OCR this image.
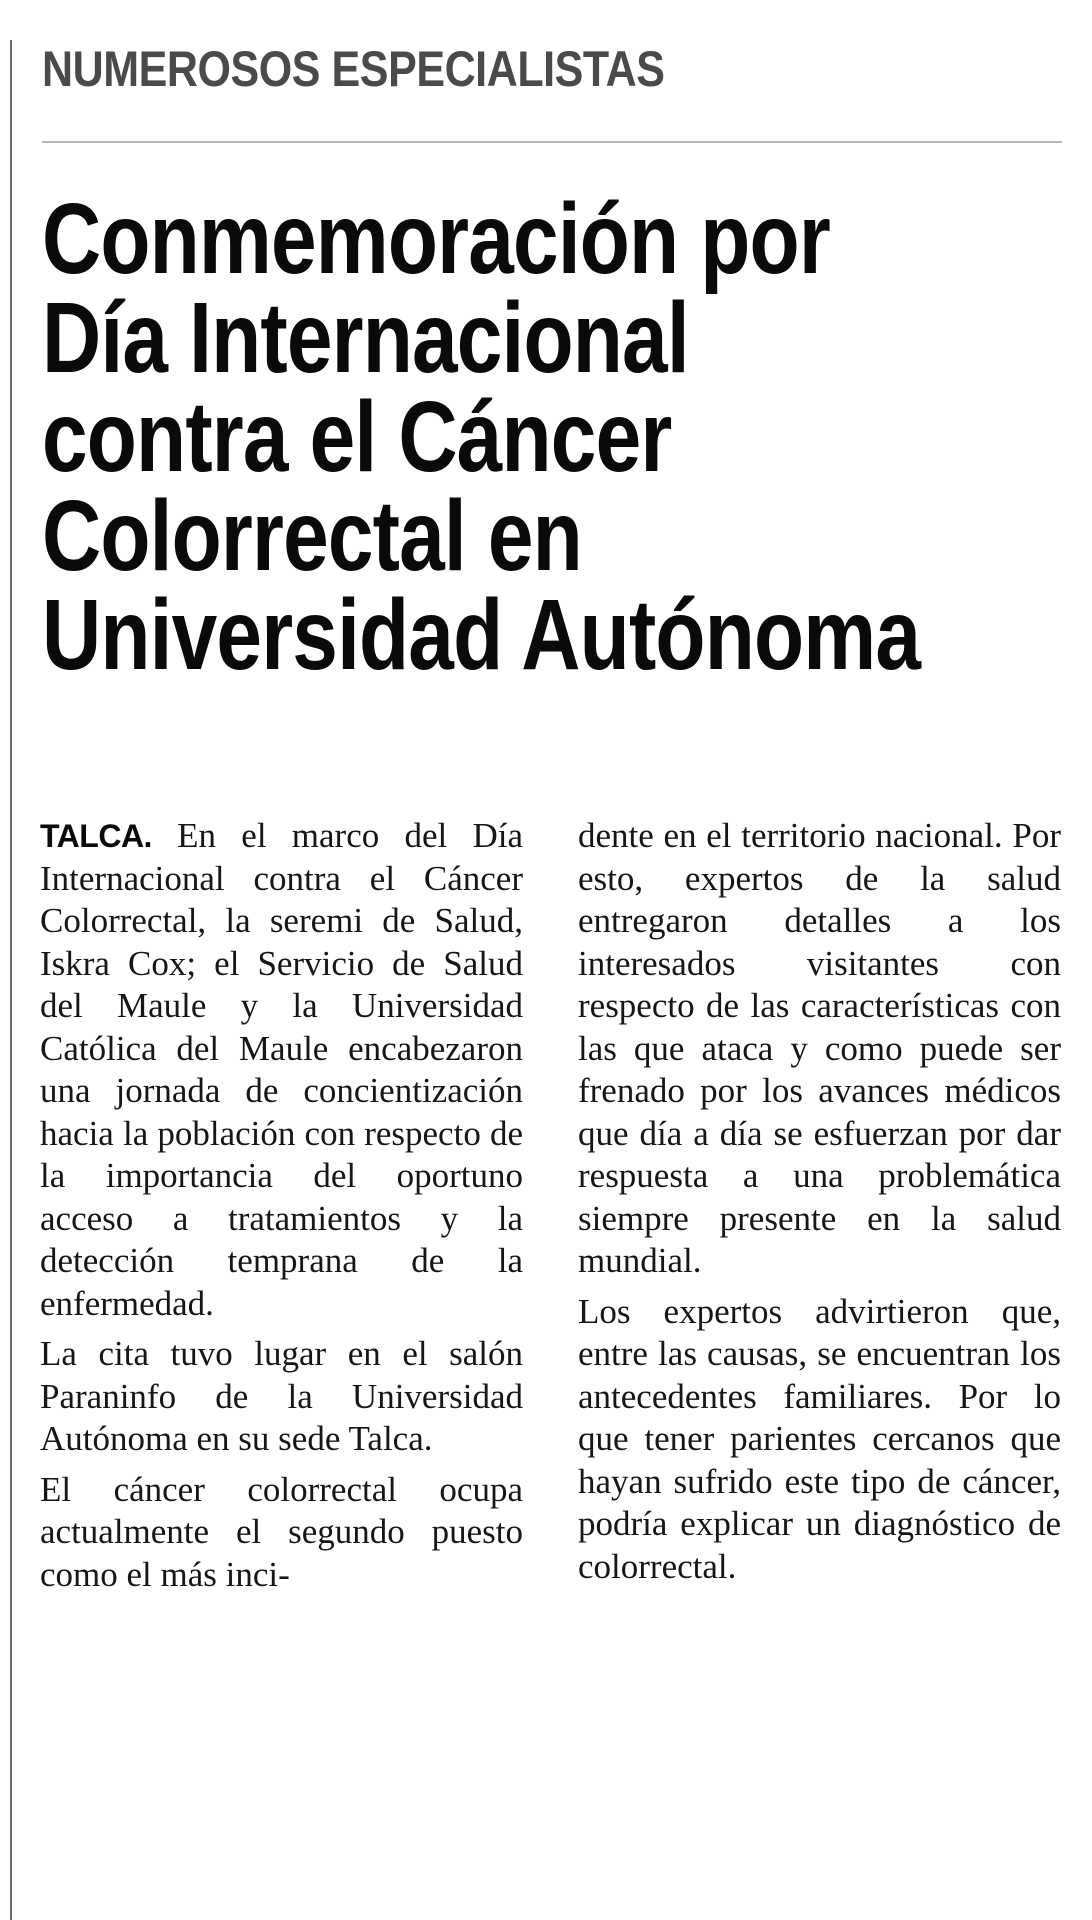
NUMEROSOS ESPECIALISTAS
Conmemoración por
Día Internacional
contra el Cáncer
Colorrectal en
Universidad Autónoma

TALCA. En el marco del Día Internacional contra el Cáncer Colorrectal, la seremi de Salud, Iskra Cox; el Servicio de Salud del Maule y la Universidad Católica del Maule encabezaron una jornada de concientización hacia la población con respecto de la importancia del oportuno acceso a tratamientos y la detección temprana de la enfermedad.

La cita tuvo lugar en el salón Paraninfo de la Universidad Autónoma en su sede Talca.

El cáncer colorrectal ocupa actualmente el segundo puesto como el más inci-

dente en el territorio nacional. Por esto, expertos de la salud entregaron detalles a los interesados visitantes con respecto de las características con las que ataca y como puede ser frenado por los avances médicos que día a día se esfuerzan por dar respuesta a una problemática siempre presente en la salud mundial.

Los expertos advirtieron que, entre las causas, se encuentran los antecedentes familiares. Por lo que tener parientes cercanos que hayan sufrido este tipo de cáncer, podría explicar un diagnóstico de colorrectal.
